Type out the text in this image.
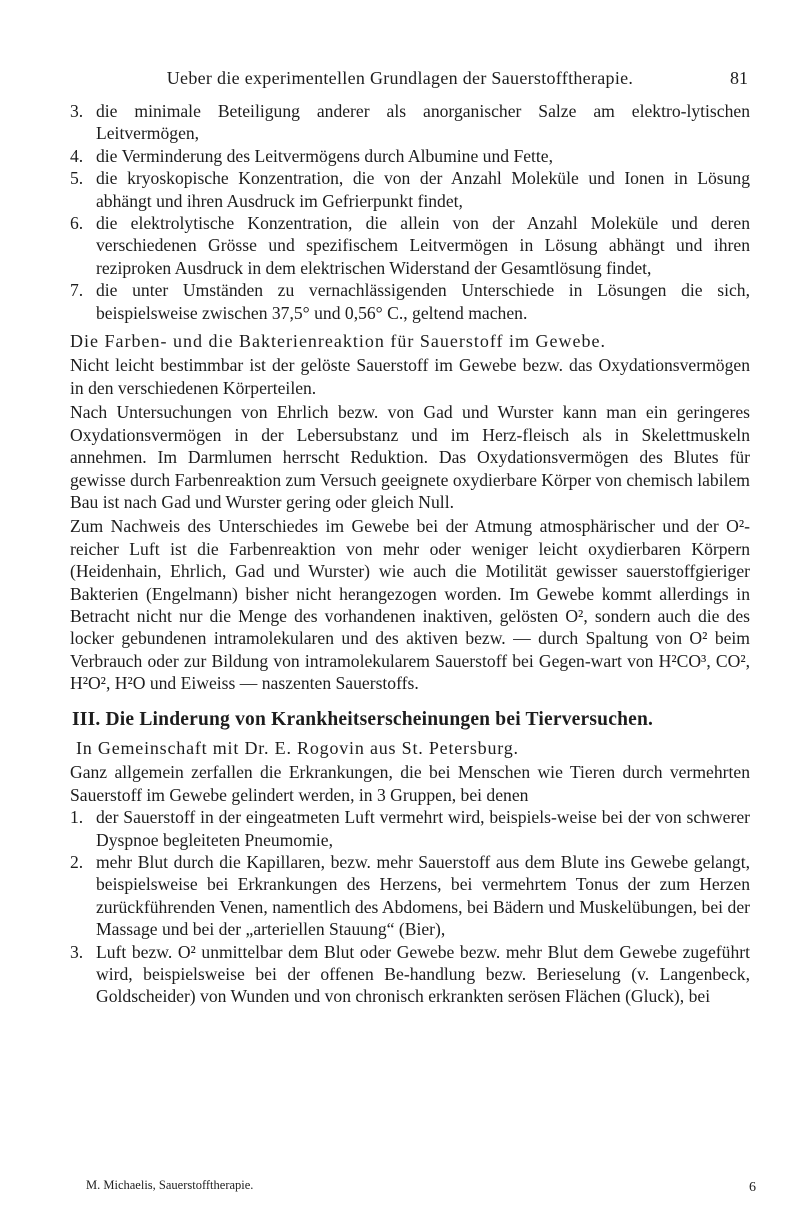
Ueber die experimentellen Grundlagen der Sauerstofftherapie.	81
3. die minimale Beteiligung anderer als anorganischer Salze am elektro-lytischen Leitvermögen,
4. die Verminderung des Leitvermögens durch Albumine und Fette,
5. die kryoskopische Konzentration, die von der Anzahl Moleküle und Ionen in Lösung abhängt und ihren Ausdruck im Gefrierpunkt findet,
6. die elektrolytische Konzentration, die allein von der Anzahl Moleküle und deren verschiedenen Grösse und spezifischem Leitvermögen in Lösung abhängt und ihren reziproken Ausdruck in dem elektrischen Widerstand der Gesamtlösung findet,
7. die unter Umständen zu vernachlässigenden Unterschiede in Lösungen die sich, beispielsweise zwischen 37,5° und 0,56° C., geltend machen.
Die Farben- und die Bakterienreaktion für Sauerstoff im Gewebe.

Nicht leicht bestimmbar ist der gelöste Sauerstoff im Gewebe bezw. das Oxydationsvermögen in den verschiedenen Körperteilen.

Nach Untersuchungen von Ehrlich bezw. von Gad und Wurster kann man ein geringeres Oxydationsvermögen in der Lebersubstanz und im Herz-fleisch als in Skelettmuskeln annehmen. Im Darmlumen herrscht Reduktion. Das Oxydationsvermögen des Blutes für gewisse durch Farbenreaktion zum Versuch geeignete oxydierbare Körper von chemisch labilem Bau ist nach Gad und Wurster gering oder gleich Null.

Zum Nachweis des Unterschiedes im Gewebe bei der Atmung atmosphärischer und der O²-reicher Luft ist die Farbenreaktion von mehr oder weniger leicht oxydierbaren Körpern (Heidenhain, Ehrlich, Gad und Wurster) wie auch die Motilität gewisser sauerstoffgieriger Bakterien (Engelmann) bisher nicht herangezogen worden. Im Gewebe kommt allerdings in Betracht nicht nur die Menge des vorhandenen inaktiven, gelösten O², sondern auch die des locker gebundenen intramolekularen und des aktiven bezw. — durch Spaltung von O² beim Verbrauch oder zur Bildung von intramolekularem Sauerstoff bei Gegen-wart von H²CO³, CO², H²O², H²O und Eiweiss — naszenten Sauerstoffs.

III. Die Linderung von Krankheitserscheinungen bei Tierversuchen.
In Gemeinschaft mit Dr. E. Rogovin aus St. Petersburg.

Ganz allgemein zerfallen die Erkrankungen, die bei Menschen wie Tieren durch vermehrten Sauerstoff im Gewebe gelindert werden, in 3 Gruppen, bei denen

1. der Sauerstoff in der eingeatmeten Luft vermehrt wird, beispiels-weise bei der von schwerer Dyspnoe begleiteten Pneumomie,
2. mehr Blut durch die Kapillaren, bezw. mehr Sauerstoff aus dem Blute ins Gewebe gelangt, beispielsweise bei Erkrankungen des Herzens, bei vermehrtem Tonus der zum Herzen zurückführenden Venen, namentlich des Abdomens, bei Bädern und Muskelübungen, bei der Massage und bei der „arteriellen Stauung“ (Bier),
3. Luft bezw. O² unmittelbar dem Blut oder Gewebe bezw. mehr Blut dem Gewebe zugeführt wird, beispielsweise bei der offenen Be-handlung bezw. Berieselung (v. Langenbeck, Goldscheider) von Wunden und von chronisch erkrankten serösen Flächen (Gluck), bei
M. Michaelis, Sauerstofftherapie.	6
